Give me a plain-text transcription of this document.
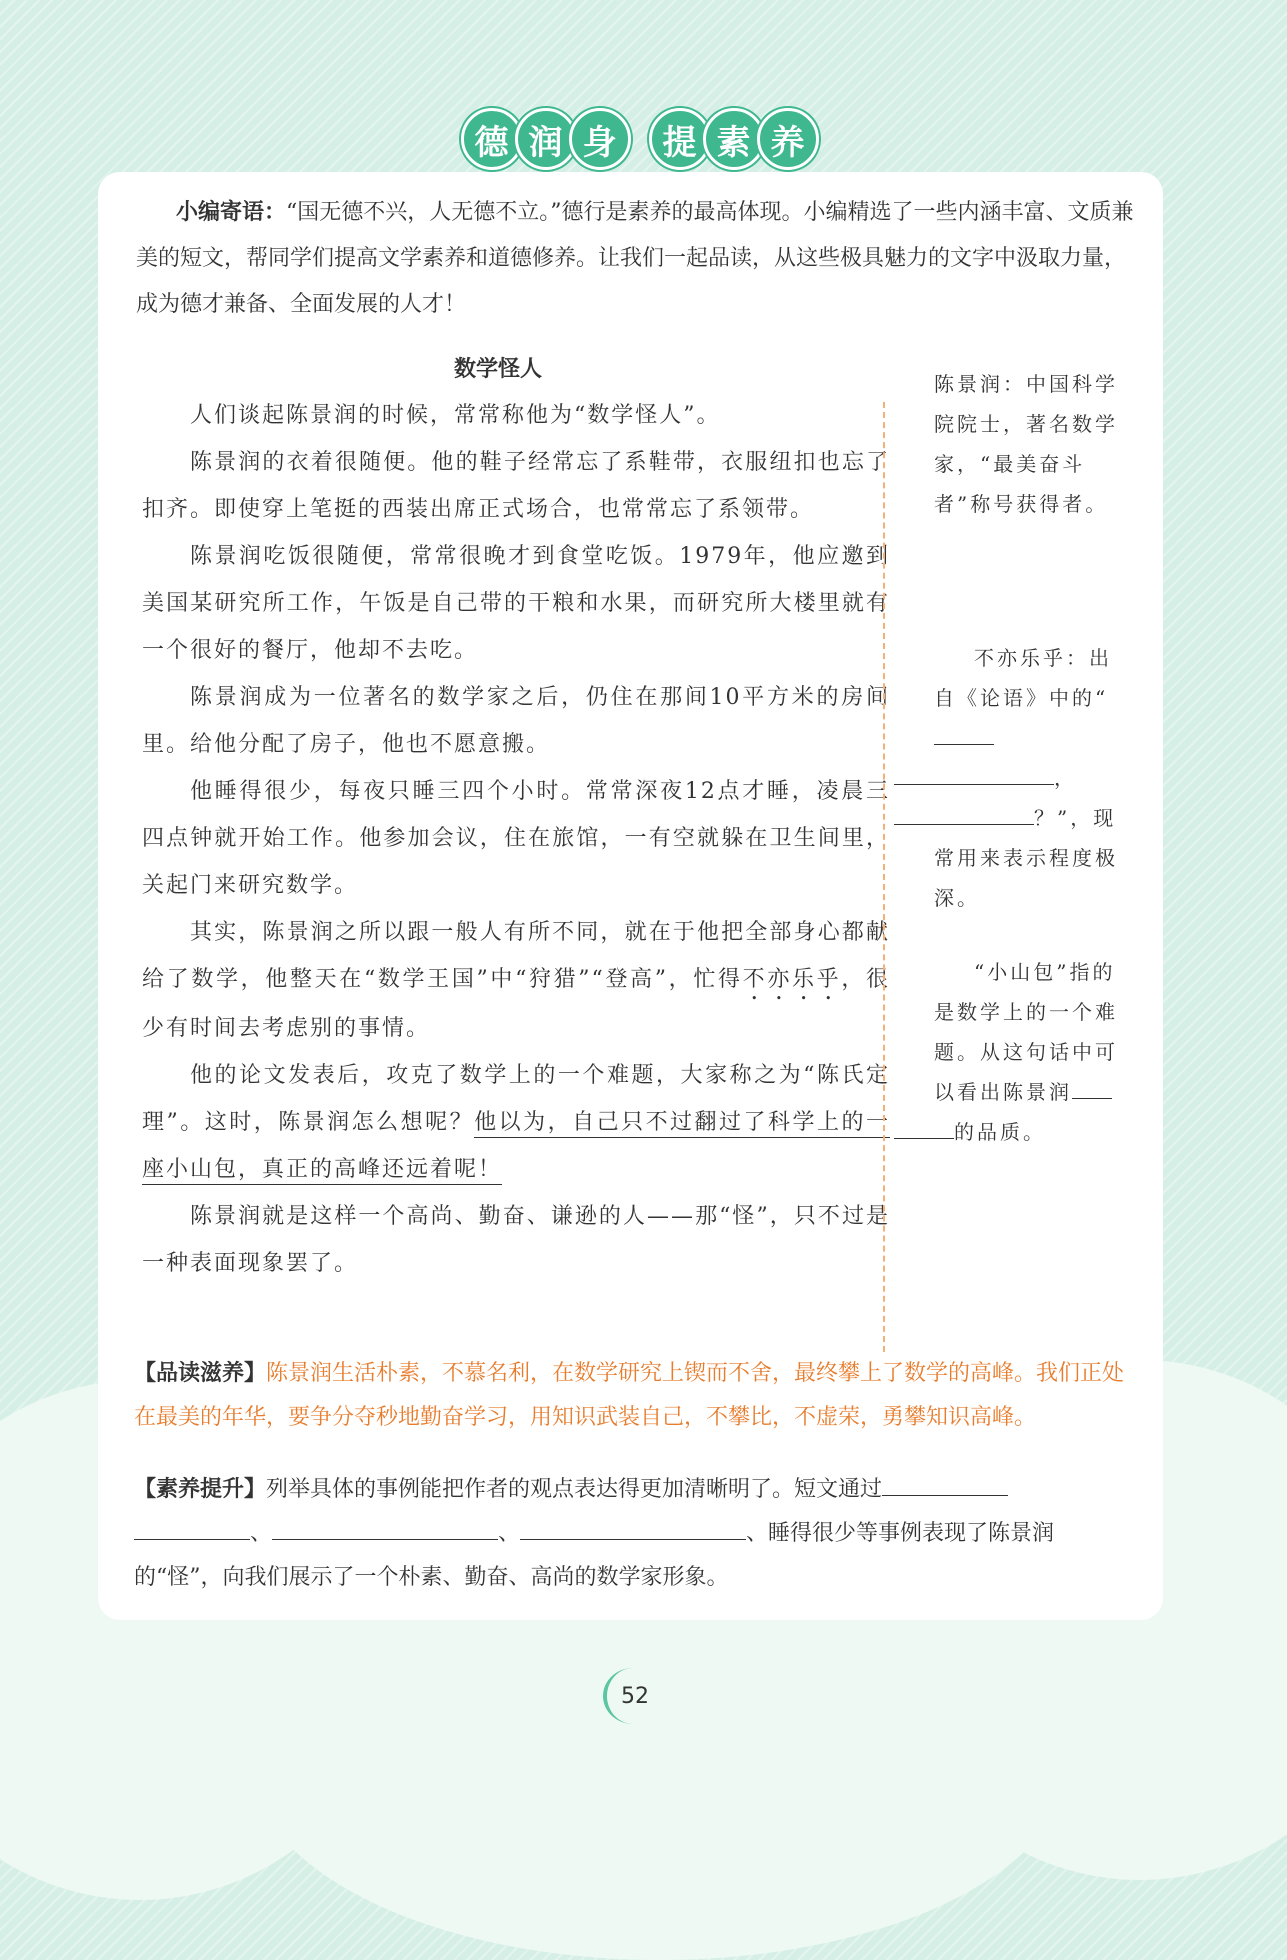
德 润 身	提 素 养
小编寄语：“国无德不兴，人无德不立。”德行是素养的最高体现。小编精选了一些内涵丰富、文质兼美的短文，帮同学们提高文学素养和道德修养。让我们一起品读，从这些极具魅力的文字中汲取力量，成为德才兼备、全面发展的人才！
数学怪人

人们谈起陈景润的时候，常常称他为“数学怪人”。

陈景润的衣着很随便。他的鞋子经常忘了系鞋带，衣服纽扣也忘了扣齐。即使穿上笔挺的西装出席正式场合，也常常忘了系领带。

陈景润吃饭很随便，常常很晚才到食堂吃饭。1979年，他应邀到美国某研究所工作，午饭是自己带的干粮和水果，而研究所大楼里就有一个很好的餐厅，他却不去吃。

陈景润成为一位著名的数学家之后，仍住在那间10平方米的房间里。给他分配了房子，他也不愿意搬。

他睡得很少，每夜只睡三四个小时。常常深夜12点才睡，凌晨三四点钟就开始工作。他参加会议，住在旅馆，一有空就躲在卫生间里，关起门来研究数学。

其实，陈景润之所以跟一般人有所不同，就在于他把全部身心都献给了数学，他整天在“数学王国”中“狩猎”“登高”，忙得不亦乐乎，很少有时间去考虑别的事情。

他的论文发表后，攻克了数学上的一个难题，大家称之为“陈氏定理”。这时，陈景润怎么想呢？他以为，自己只不过翻过了科学上的一座小山包，真正的高峰还远着呢！

陈景润就是这样一个高尚、勤奋、谦逊的人——那“怪”，只不过是一种表面现象罢了。

陈景润：中国科学院院士，著名数学家，“最美奋斗者”称号获得者。
不亦乐乎：出自《论语》中的“
，
？”，现常用来表示程度极深。
“小山包”指的是数学上的一个难题。从这句话中可以看出陈景润
的品质。
【品读滋养】陈景润生活朴素，不慕名利，在数学研究上锲而不舍，最终攀上了数学的高峰。我们正处在最美的年华，要争分夺秒地勤奋学习，用知识武装自己，不攀比，不虚荣，勇攀知识高峰。
【素养提升】列举具体的事例能把作者的观点表达得更加清晰明了。短文通过
、	、	、睡得很少等事例表现了陈景润的“怪”，向我们展示了一个朴素、勤奋、高尚的数学家形象。
52
